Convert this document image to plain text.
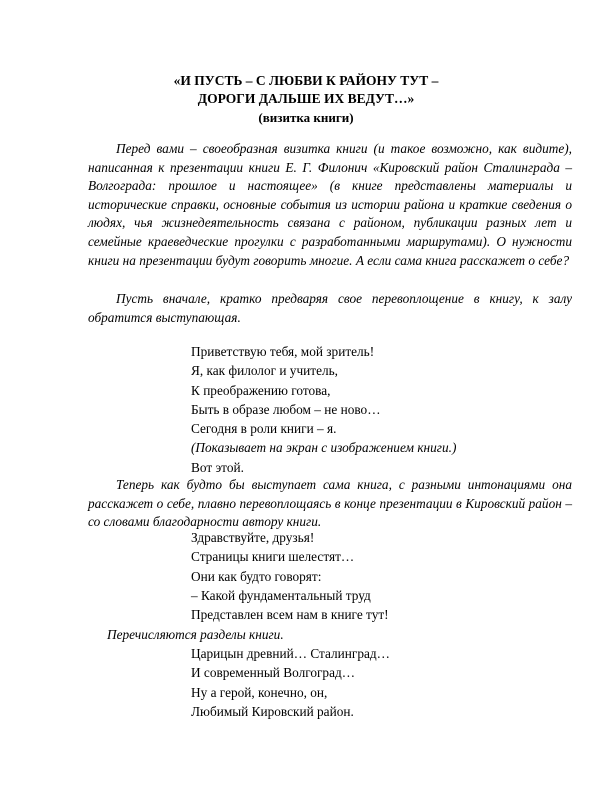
«И ПУСТЬ – С ЛЮБВИ К РАЙОНУ ТУТ –

ДОРОГИ ДАЛЬШЕ ИХ ВЕДУТ…»

(визитка книги)

Перед вами – своеобразная визитка книги (и такое возможно, как видите), написанная к презентации книги Е. Г. Филонич «Кировский район Сталинграда – Волгограда: прошлое и настоящее» (в книге представлены материалы и исторические справки, основные события из истории района и краткие сведения о людях, чья жизнедеятельность связана с районом, публикации разных лет и семейные краеведческие прогулки с разработанными маршрутами). О нужности книги на презентации будут говорить многие. А если сама книга расскажет о себе?

Пусть вначале, кратко предваряя свое перевоплощение в книгу, к залу обратится выступающая.

Приветствую тебя, мой зритель!
Я, как филолог и учитель,
К преображению готова,
Быть в образе любом – не ново…
Сегодня в роли книги – я.
(Показывает на экран с изображением книги.)
Вот этой.

Теперь как будто бы выступает сама книга, с разными интонациями она расскажет о себе, плавно перевоплощаясь в конце презентации в Кировский район – со словами благодарности автору книги.

Здравствуйте, друзья!
Страницы книги шелестят…
Они как будто говорят:
– Какой фундаментальный труд
Представлен всем нам в книге тут!

Перечисляются разделы книги.

Царицын древний… Сталинград…
И современный Волгоград…
Ну а герой, конечно, он,
Любимый Кировский район.
